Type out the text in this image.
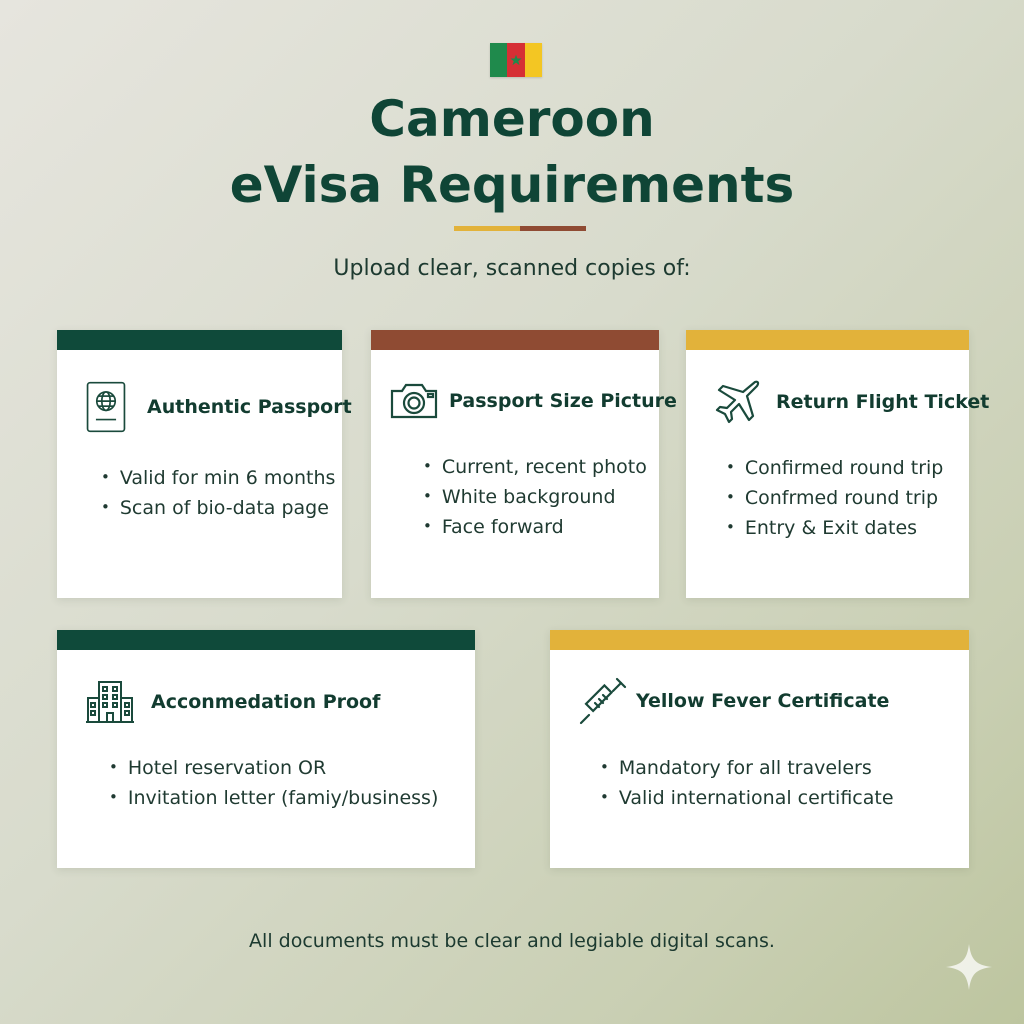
Cameroon
eVisa Requirements
Upload clear, scanned copies of:
Authentic Passport
• Valid for min 6 months
• Scan of bio-data page
Passport Size Picture
• Current, recent photo
• White background
• Face forward
Return Flight Ticket
• Confirmed round trip
• Confrmed round trip
• Entry & Exit dates
Acconmedation Proof
• Hotel reservation OR
• Invitation letter (famiy/business)
Yellow Fever Certificate
• Mandatory for all travelers
• Valid international certificate
All documents must be clear and legiable digital scans.
